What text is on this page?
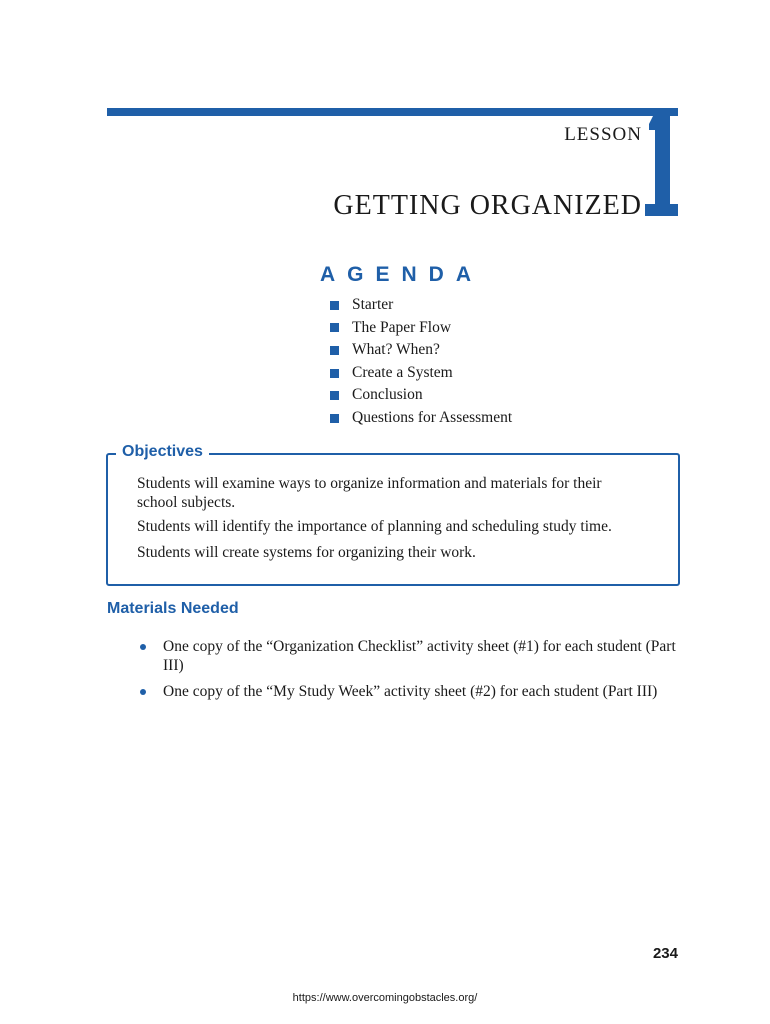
LESSON
GETTING ORGANIZED
AGENDA
Starter
The Paper Flow
What? When?
Create a System
Conclusion
Questions for Assessment
Objectives
Students will examine ways to organize information and materials for their school subjects.
Students will identify the importance of planning and scheduling study time.
Students will create systems for organizing their work.
Materials Needed
One copy of the “Organization Checklist” activity sheet (#1) for each student (Part III)
One copy of the “My Study Week” activity sheet (#2) for each student (Part III)
234
https://www.overcomingobstacles.org/
